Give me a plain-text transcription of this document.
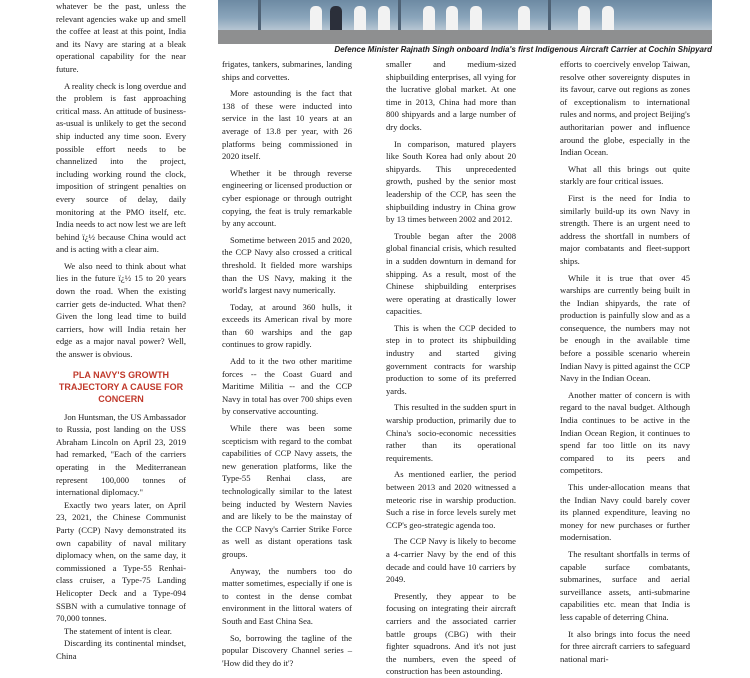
Defence Minister Rajnath Singh onboard India's first Indigenous Aircraft Carrier at Cochin Shipyard

whatever be the past, unless the relevant agencies wake up and smell the coffee at least at this point, India and its Navy are staring at a bleak operational capability for the near future.

A reality check is long overdue and the problem is fast approaching critical mass. An attitude of business-as-usual is unlikely to get the second ship inducted any time soon. Every possible effort needs to be channelized into the project, including working round the clock, imposition of stringent penalties on every source of delay, daily monitoring at the PMO itself, etc. India needs to act now lest we are left behind ï¿½ because China would act and is acting with a clear aim.

We also need to think about what lies in the future ï¿½ 15 to 20 years down the road. When the existing carrier gets de-inducted. What then? Given the long lead time to build carriers, how will India retain her edge as a major naval power? Well, the answer is obvious.

PLA NAVY'S GROWTH TRAJECTORY A CAUSE FOR CONCERN

Jon Huntsman, the US Ambassador to Russia, post landing on the USS Abraham Lincoln on April 23, 2019 had remarked, "Each of the carriers operating in the Mediterranean represent 100,000 tonnes of international diplomacy."

Exactly two years later, on April 23, 2021, the Chinese Communist Party (CCP) Navy demonstrated its own capability of naval military diplomacy when, on the same day, it commissioned a Type-55 Renhai-class cruiser, a Type-75 Landing Helicopter Deck and a Type-094 SSBN with a cumulative tonnage of 70,000 tonnes.

The statement of intent is clear.

Discarding its continental mindset, China

frigates, tankers, submarines, landing ships and corvettes.

More astounding is the fact that 138 of these were inducted into service in the last 10 years at an average of 13.8 per year, with 26 platforms being commissioned in 2020 itself.

Whether it be through reverse engineering or licensed production or cyber espionage or through outright copying, the feat is truly remarkable by any account.

Sometime between 2015 and 2020, the CCP Navy also crossed a critical threshold. It fielded more warships than the US Navy, making it the world's largest navy numerically.

Today, at around 360 hulls, it exceeds its American rival by more than 60 warships and the gap continues to grow rapidly.

Add to it the two other maritime forces -- the Coast Guard and Maritime Militia -- and the CCP Navy in total has over 700 ships even by conservative accounting.

While there was been some scepticism with regard to the combat capabilities of CCP Navy assets, the new generation platforms, like the Type-55 Renhai class, are technologically similar to the latest being inducted by Western Navies and are likely to be the mainstay of the CCP Navy's Carrier Strike Force as well as distant operations task groups.

Anyway, the numbers too do matter sometimes, especially if one is to contest in the dense combat environment in the littoral waters of South and East China Sea.

So, borrowing the tagline of the popular Discovery Channel series – 'How did they do it'?

smaller and medium-sized shipbuilding enterprises, all vying for the lucrative global market. At one time in 2013, China had more than 800 shipyards and a large number of dry docks.

In comparison, matured players like South Korea had only about 20 shipyards. This unprecedented growth, pushed by the senior most leadership of the CCP, has seen the shipbuilding industry in China grow by 13 times between 2002 and 2012.

Trouble began after the 2008 global financial crisis, which resulted in a sudden downturn in demand for shipping. As a result, most of the Chinese shipbuilding enterprises were operating at drastically lower capacities.

This is when the CCP decided to step in to protect its shipbuilding industry and started giving government contracts for warship production to some of its preferred yards.

This resulted in the sudden spurt in warship production, primarily due to China's socio-economic necessities rather than its operational requirements.

As mentioned earlier, the period between 2013 and 2020 witnessed a meteoric rise in warship production. Such a rise in force levels surely met CCP's geo-strategic agenda too.

The CCP Navy is likely to become a 4-carrier Navy by the end of this decade and could have 10 carriers by 2049.

Presently, they appear to be focusing on integrating their aircraft carriers and the associated carrier battle groups (CBG) with their fighter squadrons. And it's not just the numbers, even the speed of construction has been astounding.

efforts to coercively envelop Taiwan, resolve other sovereignty disputes in its favour, carve out regions as zones of exceptionalism to international rules and norms, and project Beijing's authoritarian power and influence around the globe, especially in the Indian Ocean.

What all this brings out quite starkly are four critical issues.

First is the need for India to similarly build-up its own Navy in strength. There is an urgent need to address the shortfall in numbers of major combatants and fleet-support ships.

While it is true that over 45 warships are currently being built in the Indian shipyards, the rate of production is painfully slow and as a consequence, the numbers may not be enough in the available time before a possible scenario wherein Indian Navy is pitted against the CCP Navy in the Indian Ocean.

Another matter of concern is with regard to the naval budget. Although India continues to be active in the Indian Ocean Region, it continues to spend far too little on its navy compared to its peers and competitors.

This under-allocation means that the Indian Navy could barely cover its planned expenditure, leaving no money for new purchases or further modernisation.

The resultant shortfalls in terms of capable surface combatants, submarines, surface and aerial surveillance assets, anti-submarine capabilities etc. mean that India is less capable of deterring China.

It also brings into focus the need for three aircraft carriers to safeguard national mari-
